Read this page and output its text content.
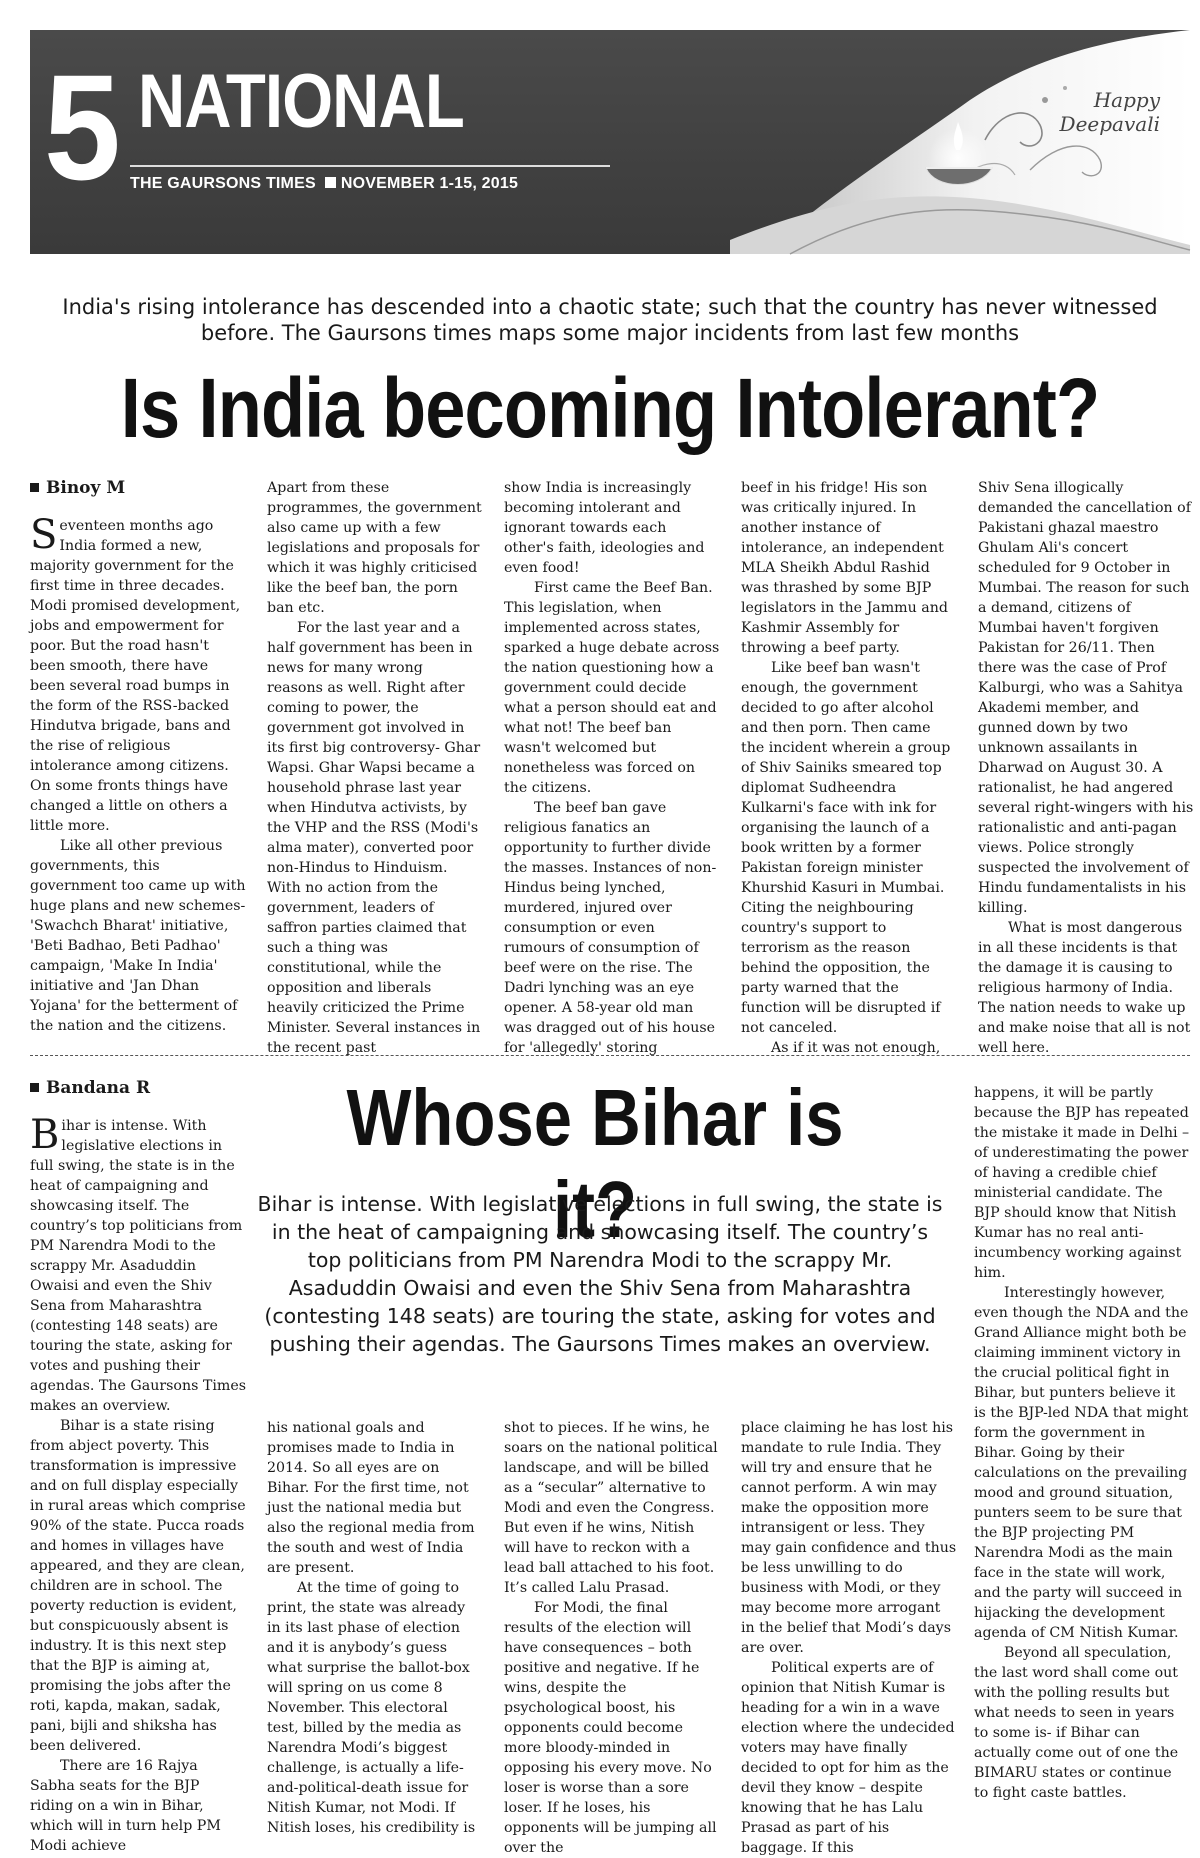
5 NATIONAL
THE GAURSONS TIMES NOVEMBER 1-15, 2015
Happy
Deepavali
India's rising intolerance has descended into a chaotic state; such that the country has never witnessed
before. The Gaursons times maps some major incidents from last few months
Is India becoming Intolerant?
Binoy M

Seventeen months ago India formed a new, majority government for the first time in three decades. Modi promised development, jobs and empowerment for poor. But the road hasn't been smooth, there have been several road bumps in the form of the RSS-backed Hindutva brigade, bans and the rise of religious intolerance among citizens. On some fronts things have changed a little on others a little more.

Like all other previous governments, this government too came up with huge plans and new schemes- 'Swachch Bharat' initiative, 'Beti Badhao, Beti Padhao' campaign, 'Make In India' initiative and 'Jan Dhan Yojana' for the betterment of the nation and the citizens.

Apart from these programmes, the government also came up with a few legislations and proposals for which it was highly criticised like the beef ban, the porn ban etc.

For the last year and a half government has been in news for many wrong reasons as well. Right after coming to power, the government got involved in its first big controversy- Ghar Wapsi. Ghar Wapsi became a household phrase last year when Hindutva activists, by the VHP and the RSS (Modi's alma mater), converted poor non-Hindus to Hinduism. With no action from the government, leaders of saffron parties claimed that such a thing was constitutional, while the opposition and liberals heavily criticized the Prime Minister. Several instances in the recent past

show India is increasingly becoming intolerant and ignorant towards each other's faith, ideologies and even food!

First came the Beef Ban. This legislation, when implemented across states, sparked a huge debate across the nation questioning how a government could decide what a person should eat and what not! The beef ban wasn't welcomed but nonetheless was forced on the citizens.

The beef ban gave religious fanatics an opportunity to further divide the masses. Instances of non-Hindus being lynched, murdered, injured over consumption or even rumours of consumption of beef were on the rise. The Dadri lynching was an eye opener. A 58-year old man was dragged out of his house for 'allegedly' storing

beef in his fridge! His son was critically injured. In another instance of intolerance, an independent MLA Sheikh Abdul Rashid was thrashed by some BJP legislators in the Jammu and Kashmir Assembly for throwing a beef party.

Like beef ban wasn't enough, the government decided to go after alcohol and then porn. Then came the incident wherein a group of Shiv Sainiks smeared top diplomat Sudheendra Kulkarni's face with ink for organising the launch of a book written by a former Pakistan foreign minister Khurshid Kasuri in Mumbai. Citing the neighbouring country's support to terrorism as the reason behind the opposition, the party warned that the function will be disrupted if not canceled.

As if it was not enough,

Shiv Sena illogically demanded the cancellation of Pakistani ghazal maestro Ghulam Ali's concert scheduled for 9 October in Mumbai. The reason for such a demand, citizens of Mumbai haven't forgiven Pakistan for 26/11. Then there was the case of Prof Kalburgi, who was a Sahitya Akademi member, and gunned down by two unknown assailants in Dharwad on August 30. A rationalist, he had angered several right-wingers with his rationalistic and anti-pagan views. Police strongly suspected the involvement of Hindu fundamentalists in his killing.

What is most dangerous in all these incidents is that the damage it is causing to religious harmony of India. The nation needs to wake up and make noise that all is not well here.

Whose Bihar is it?
Bihar is intense. With legislative elections in full swing, the state is in the heat of campaigning and showcasing itself. The country’s top politicians from PM Narendra Modi to the scrappy Mr. Asaduddin Owaisi and even the Shiv Sena from Maharashtra (contesting 148 seats) are touring the state, asking for votes and pushing their agendas. The Gaursons Times makes an overview.
Bandana R

Bihar is intense. With legislative elections in full swing, the state is in the heat of campaigning and showcasing itself. The country’s top politicians from PM Narendra Modi to the scrappy Mr. Asaduddin Owaisi and even the Shiv Sena from Maharashtra (contesting 148 seats) are touring the state, asking for votes and pushing their agendas. The Gaursons Times makes an overview.

Bihar is a state rising from abject poverty. This transformation is impressive and on full display especially in rural areas which comprise 90% of the state. Pucca roads and homes in villages have appeared, and they are clean, children are in school. The poverty reduction is evident, but conspicuously absent is industry. It is this next step that the BJP is aiming at, promising the jobs after the roti, kapda, makan, sadak, pani, bijli and shiksha has been delivered.

There are 16 Rajya Sabha seats for the BJP riding on a win in Bihar, which will in turn help PM Modi achieve

his national goals and promises made to India in 2014. So all eyes are on Bihar. For the first time, not just the national media but also the regional media from the south and west of India are present.

At the time of going to print, the state was already in its last phase of election and it is anybody’s guess what surprise the ballot-box will spring on us come 8 November. This electoral test, billed by the media as Narendra Modi’s biggest challenge, is actually a life-and-political-death issue for Nitish Kumar, not Modi. If Nitish loses, his credibility is

shot to pieces. If he wins, he soars on the national political landscape, and will be billed as a “secular” alternative to Modi and even the Congress. But even if he wins, Nitish will have to reckon with a lead ball attached to his foot. It’s called Lalu Prasad.

For Modi, the final results of the election will have consequences – both positive and negative. If he wins, despite the psychological boost, his opponents could become more bloody-minded in opposing his every move. No loser is worse than a sore loser. If he loses, his opponents will be jumping all over the

place claiming he has lost his mandate to rule India. They will try and ensure that he cannot perform. A win may make the opposition more intransigent or less. They may gain confidence and thus be less unwilling to do business with Modi, or they may become more arrogant in the belief that Modi’s days are over.

Political experts are of opinion that Nitish Kumar is heading for a win in a wave election where the undecided voters may have finally decided to opt for him as the devil they know – despite knowing that he has Lalu Prasad as part of his baggage. If this

happens, it will be partly because the BJP has repeated the mistake it made in Delhi – of underestimating the power of having a credible chief ministerial candidate. The BJP should know that Nitish Kumar has no real anti-incumbency working against him.

Interestingly however, even though the NDA and the Grand Alliance might both be claiming imminent victory in the crucial political fight in Bihar, but punters believe it is the BJP-led NDA that might form the government in Bihar. Going by their calculations on the prevailing mood and ground situation, punters seem to be sure that the BJP projecting PM Narendra Modi as the main face in the state will work, and the party will succeed in hijacking the development agenda of CM Nitish Kumar.

Beyond all speculation, the last word shall come out with the polling results but what needs to seen in years to some is- if Bihar can actually come out of one the BIMARU states or continue to fight caste battles.
